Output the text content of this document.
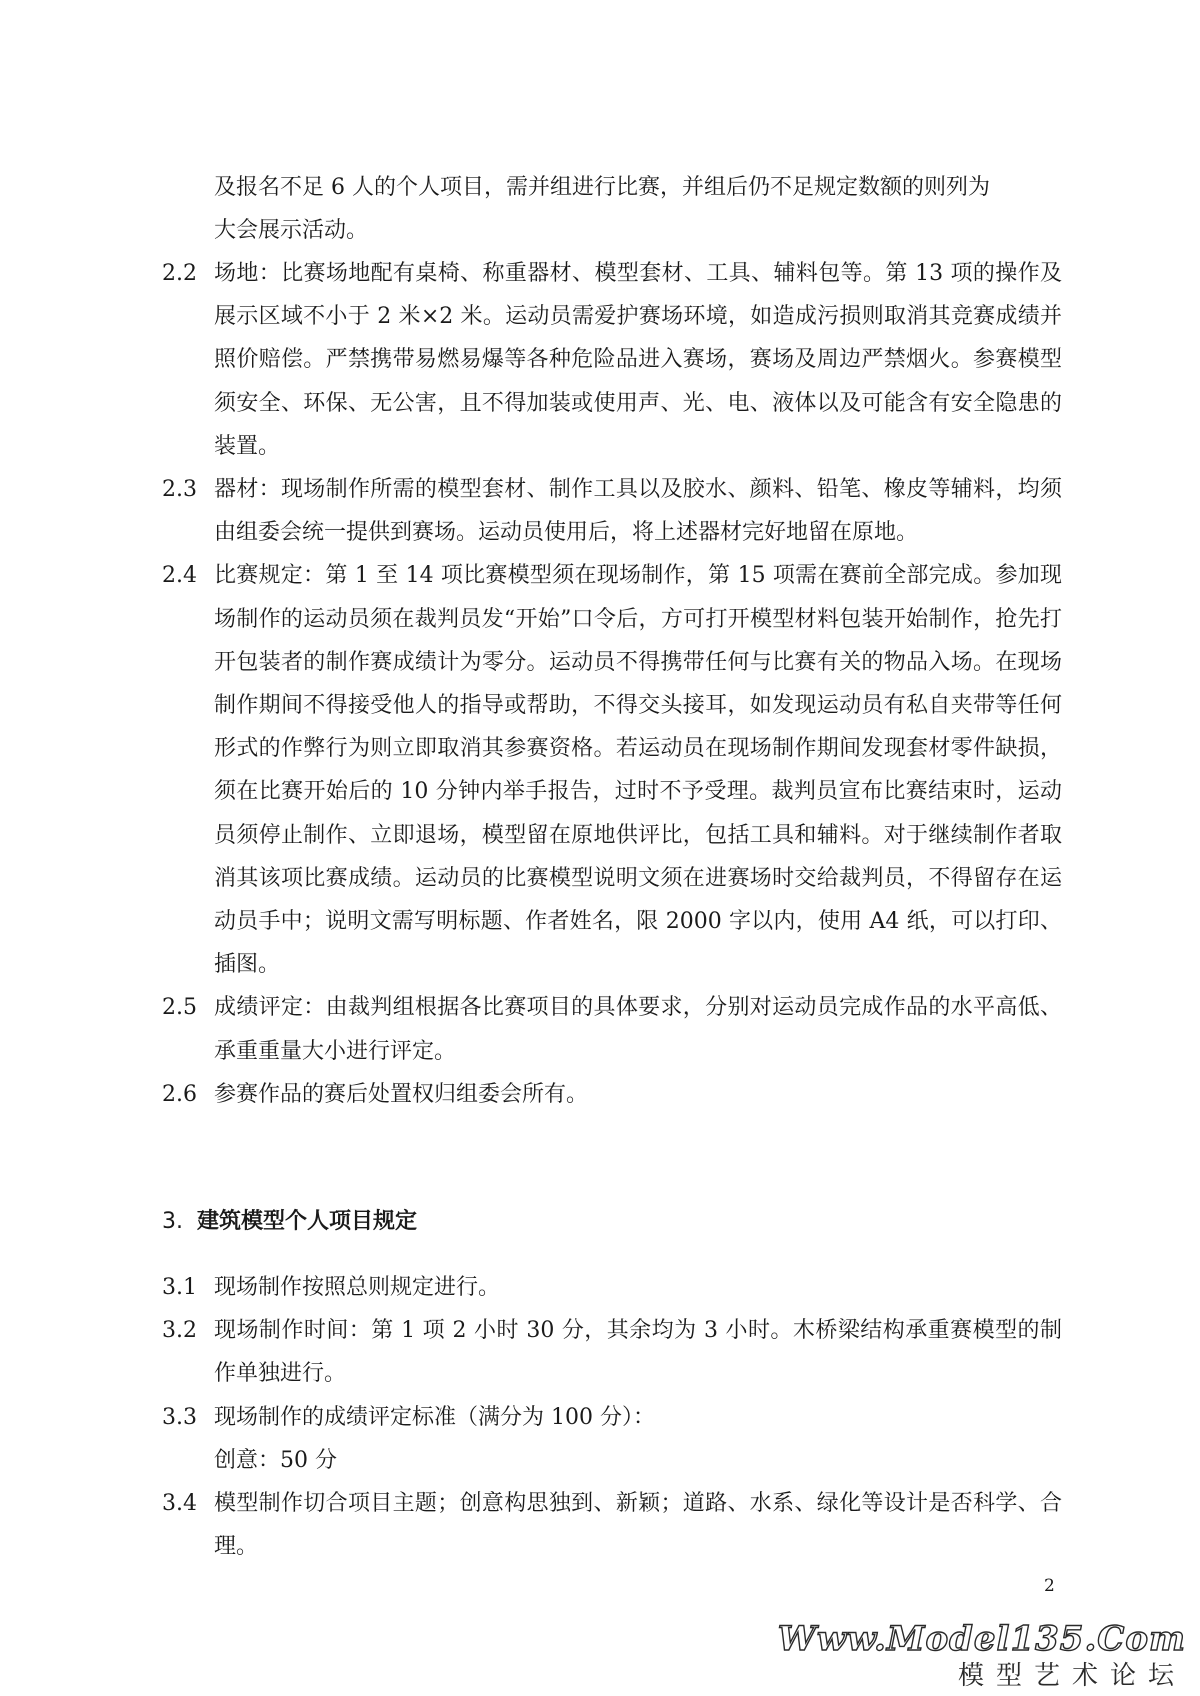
及报名不足 6 人的个人项目，需并组进行比赛，并组后仍不足规定数额的则列为
大会展示活动。
2.2 场地：比赛场地配有桌椅、称重器材、模型套材、工具、辅料包等。第 13 项的操作及展示区域不小于 2 米×2 米。运动员需爱护赛场环境，如造成污损则取消其竞赛成绩并照价赔偿。严禁携带易燃易爆等各种危险品进入赛场，赛场及周边严禁烟火。参赛模型须安全、环保、无公害，且不得加装或使用声、光、电、液体以及可能含有安全隐患的装置。
2.3 器材：现场制作所需的模型套材、制作工具以及胶水、颜料、铅笔、橡皮等辅料，均须由组委会统一提供到赛场。运动员使用后，将上述器材完好地留在原地。
2.4 比赛规定：第 1 至 14 项比赛模型须在现场制作，第 15 项需在赛前全部完成。参加现场制作的运动员须在裁判员发“开始”口令后，方可打开模型材料包装开始制作，抢先打开包装者的制作赛成绩计为零分。运动员不得携带任何与比赛有关的物品入场。在现场制作期间不得接受他人的指导或帮助，不得交头接耳，如发现运动员有私自夹带等任何形式的作弊行为则立即取消其参赛资格。若运动员在现场制作期间发现套材零件缺损，须在比赛开始后的 10 分钟内举手报告，过时不予受理。裁判员宣布比赛结束时，运动员须停止制作、立即退场，模型留在原地供评比，包括工具和辅料。对于继续制作者取消其该项比赛成绩。运动员的比赛模型说明文须在进赛场时交给裁判员，不得留存在运动员手中；说明文需写明标题、作者姓名，限 2000 字以内，使用 A4 纸，可以打印、插图。
2.5 成绩评定：由裁判组根据各比赛项目的具体要求，分别对运动员完成作品的水平高低、承重重量大小进行评定。
2.6 参赛作品的赛后处置权归组委会所有。
3. 建筑模型个人项目规定
3.1 现场制作按照总则规定进行。
3.2 现场制作时间：第 1 项 2 小时 30 分，其余均为 3 小时。木桥梁结构承重赛模型的制作单独进行。
3.3 现场制作的成绩评定标准（满分为 100 分）：
创意：50 分
3.4 模型制作切合项目主题；创意构思独到、新颖；道路、水系、绿化等设计是否科学、合理。
2
Www.Model135.Com
模型艺术论坛
